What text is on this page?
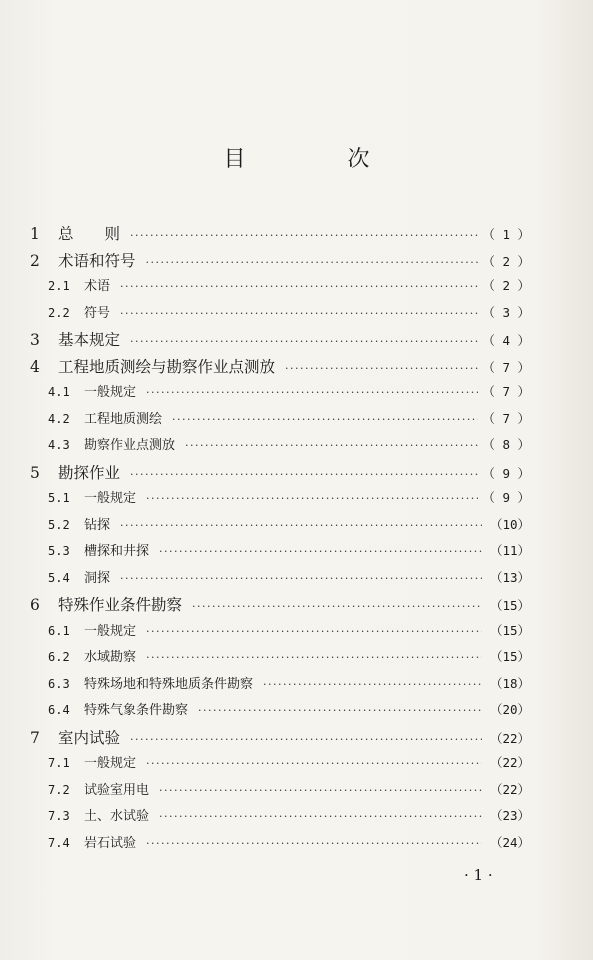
目　次
1	总　　则 ·····	（ 1 ）
2	术语和符号 ·····	（ 2 ）
2.1	术语 ·····	（ 2 ）
2.2	符号 ·····	（ 3 ）
3	基本规定 ·····	（ 4 ）
4	工程地质测绘与勘察作业点测放 ·····	（ 7 ）
4.1	一般规定 ·····	（ 7 ）
4.2	工程地质测绘 ·····	（ 7 ）
4.3	勘察作业点测放 ·····	（ 8 ）
5	勘探作业 ·····	（ 9 ）
5.1	一般规定 ·····	（ 9 ）
5.2	钻探 ·····	（10）
5.3	槽探和井探 ·····	（11）
5.4	洞探 ·····	（13）
6	特殊作业条件勘察 ·····	（15）
6.1	一般规定 ·····	（15）
6.2	水域勘察 ·····	（15）
6.3	特殊场地和特殊地质条件勘察 ·····	（18）
6.4	特殊气象条件勘察 ·····	（20）
7	室内试验 ·····	（22）
7.1	一般规定 ·····	（22）
7.2	试验室用电 ·····	（22）
7.3	土、水试验 ·····	（23）
7.4	岩石试验 ·····	（24）
· 1 ·
